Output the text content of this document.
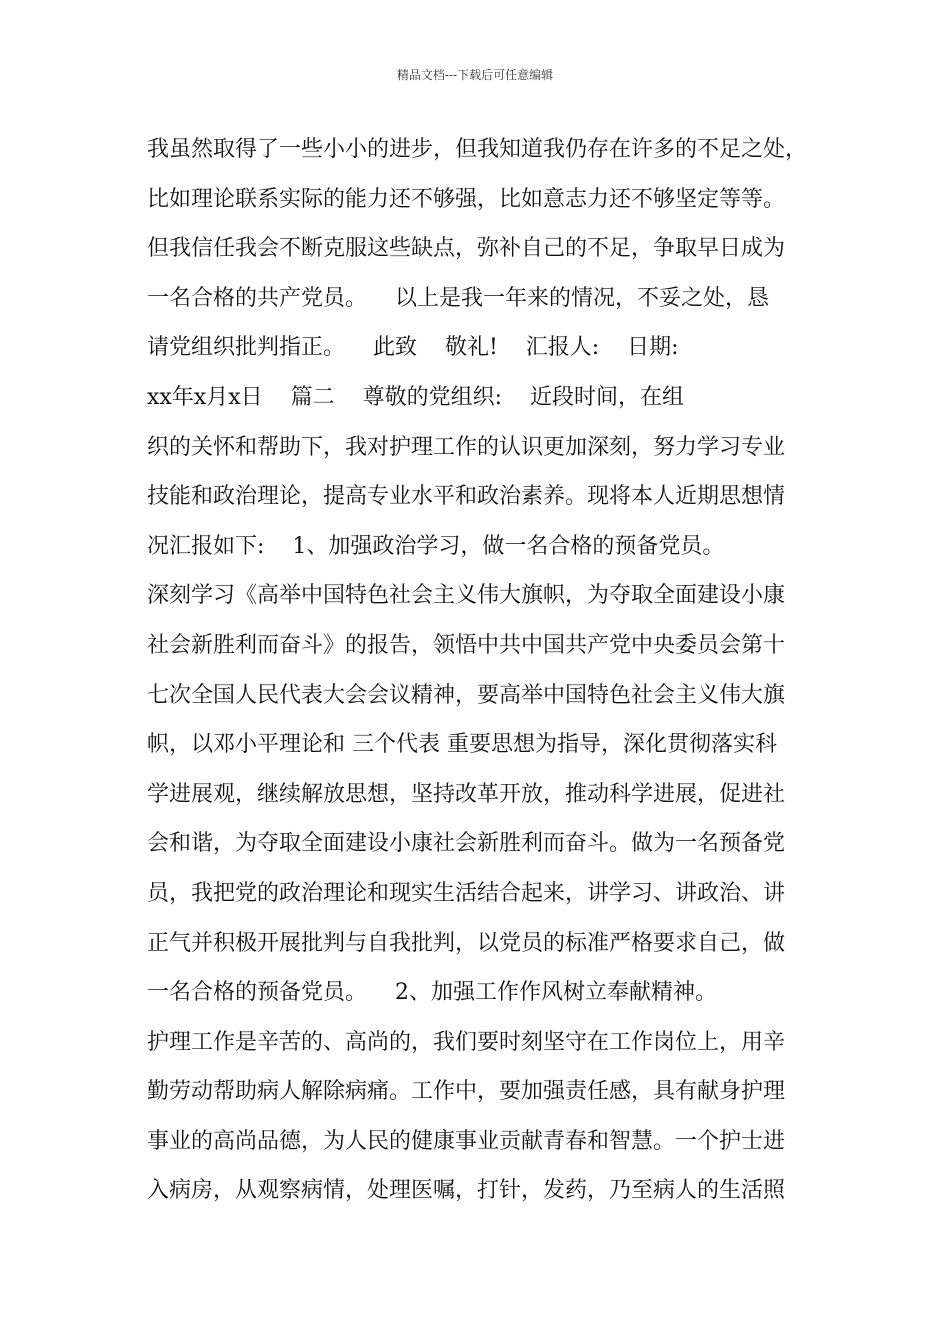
精品文档---下载后可任意编辑
我虽然取得了一些小小的进步，但我知道我仍存在许多的不足之处，
比如理论联系实际的能力还不够强，比如意志力还不够坚定等等。
但我信任我会不断克服这些缺点，弥补自己的不足，争取早日成为
一名合格的共产党员。    以上是我一年来的情况，不妥之处，恳
请党组织批判指正。    此致    敬礼!    汇报人:    日期:
xx年x月x日    篇二    尊敬的党组织:    近段时间，在组
织的关怀和帮助下，我对护理工作的认识更加深刻，努力学习专业
技能和政治理论，提高专业水平和政治素养。现将本人近期思想情
况汇报如下:    1、加强政治学习，做一名合格的预备党员。
深刻学习《高举中国特色社会主义伟大旗帜，为夺取全面建设小康
社会新胜利而奋斗》的报告，领悟中共中国共产党中央委员会第十
七次全国人民代表大会会议精神，要高举中国特色社会主义伟大旗
帜，以邓小平理论和 三个代表 重要思想为指导，深化贯彻落实科
学进展观，继续解放思想，坚持改革开放，推动科学进展，促进社
会和谐，为夺取全面建设小康社会新胜利而奋斗。做为一名预备党
员，我把党的政治理论和现实生活结合起来，讲学习、讲政治、讲
正气并积极开展批判与自我批判，以党员的标准严格要求自己，做
一名合格的预备党员。    2、加强工作作风树立奉献精神。
护理工作是辛苦的、高尚的，我们要时刻坚守在工作岗位上，用辛
勤劳动帮助病人解除病痛。工作中，要加强责任感，具有献身护理
事业的高尚品德，为人民的健康事业贡献青春和智慧。一个护士进
入病房，从观察病情，处理医嘱，打针，发药，乃至病人的生活照
